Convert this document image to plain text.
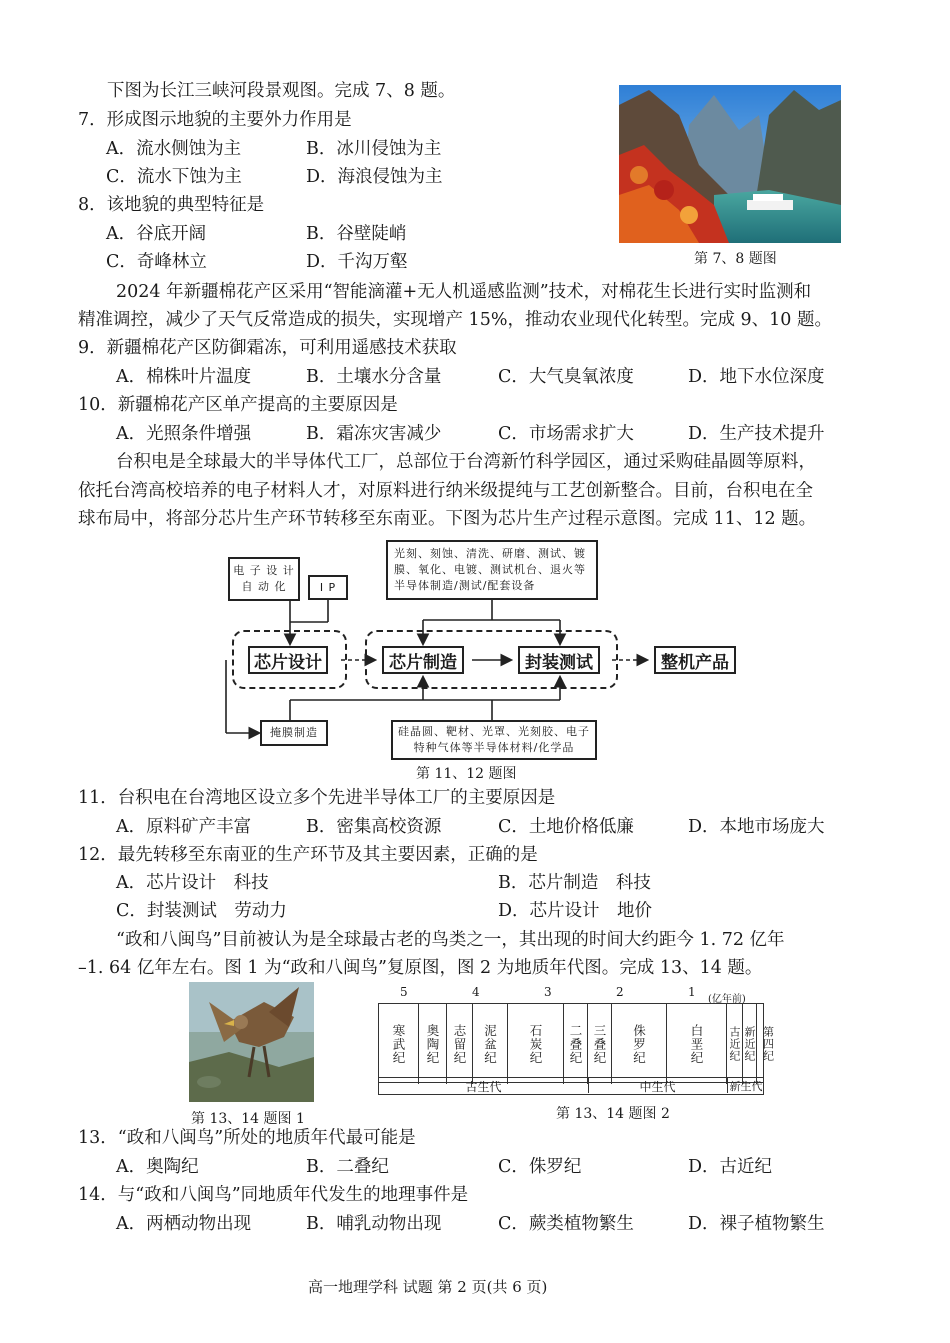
下图为长江三峡河段景观图。完成 7、8 题。
7．形成图示地貌的主要外力作用是
A．流水侧蚀为主	B．冰川侵蚀为主
C．流水下蚀为主	D．海浪侵蚀为主
8．该地貌的典型特征是
A．谷底开阔	B．谷壁陡峭
C．奇峰林立	D．千沟万壑	第 7、8 题图
2024 年新疆棉花产区采用“智能滴灌+无人机遥感监测”技术，对棉花生长进行实时监测和
精准调控，减少了天气反常造成的损失，实现增产 15%，推动农业现代化转型。完成 9、10 题。
9．新疆棉花产区防御霜冻，可利用遥感技术获取
A．棉株叶片温度	B．土壤水分含量	C．大气臭氧浓度	D．地下水位深度
10．新疆棉花产区单产提高的主要原因是
A．光照条件增强	B．霜冻灾害减少	C．市场需求扩大	D．生产技术提升
台积电是全球最大的半导体代工厂，总部位于台湾新竹科学园区，通过采购硅晶圆等原料，
依托台湾高校培养的电子材料人才，对原料进行纳米级提纯与工艺创新整合。目前，台积电在全
球布局中，将部分芯片生产环节转移至东南亚。下图为芯片生产过程示意图。完成 11、12 题。
电 子 设 计
自 动 化	I P
光刻、刻蚀、清洗、研磨、测试、镀
膜、氧化、电镀、测试机台、退火等
半导体制造/测试/配套设备
芯片设计	芯片制造	封装测试	整机产品
掩膜制造	硅晶圆、靶材、光罩、光刻胶、电子
特种气体等半导体材料/化学品
第 11、12 题图
11．台积电在台湾地区设立多个先进半导体工厂的主要原因是
A．原料矿产丰富	B．密集高校资源	C．土地价格低廉	D．本地市场庞大
12．最先转移至东南亚的生产环节及其主要因素，正确的是
A．芯片设计　科技	B．芯片制造　科技
C．封装测试　劳动力	D．芯片设计　地价
“政和八闽鸟”目前被认为是全球最古老的鸟类之一，其出现的时间大约距今 1. 72 亿年
–1. 64 亿年左右。图 1 为“政和八闽鸟”复原图，图 2 为地质年代图。完成 13、14 题。
第 13、14 题图 1
5	4	3	2	1
(亿年前)
寒武纪 奥陶纪 志留纪 泥盆纪 石炭纪 二叠纪 三叠纪 侏罗纪	白垩纪 古近纪 新近纪 第四纪
古生代	中生代	新生代
第 13、14 题图 2
13．“政和八闽鸟”所处的地质年代最可能是
A．奥陶纪	B．二叠纪	C．侏罗纪	D．古近纪
14．与“政和八闽鸟”同地质年代发生的地理事件是
A．两栖动物出现	B．哺乳动物出现	C．蕨类植物繁生	D．裸子植物繁生
高一地理学科 试题 第 2 页(共 6 页)
